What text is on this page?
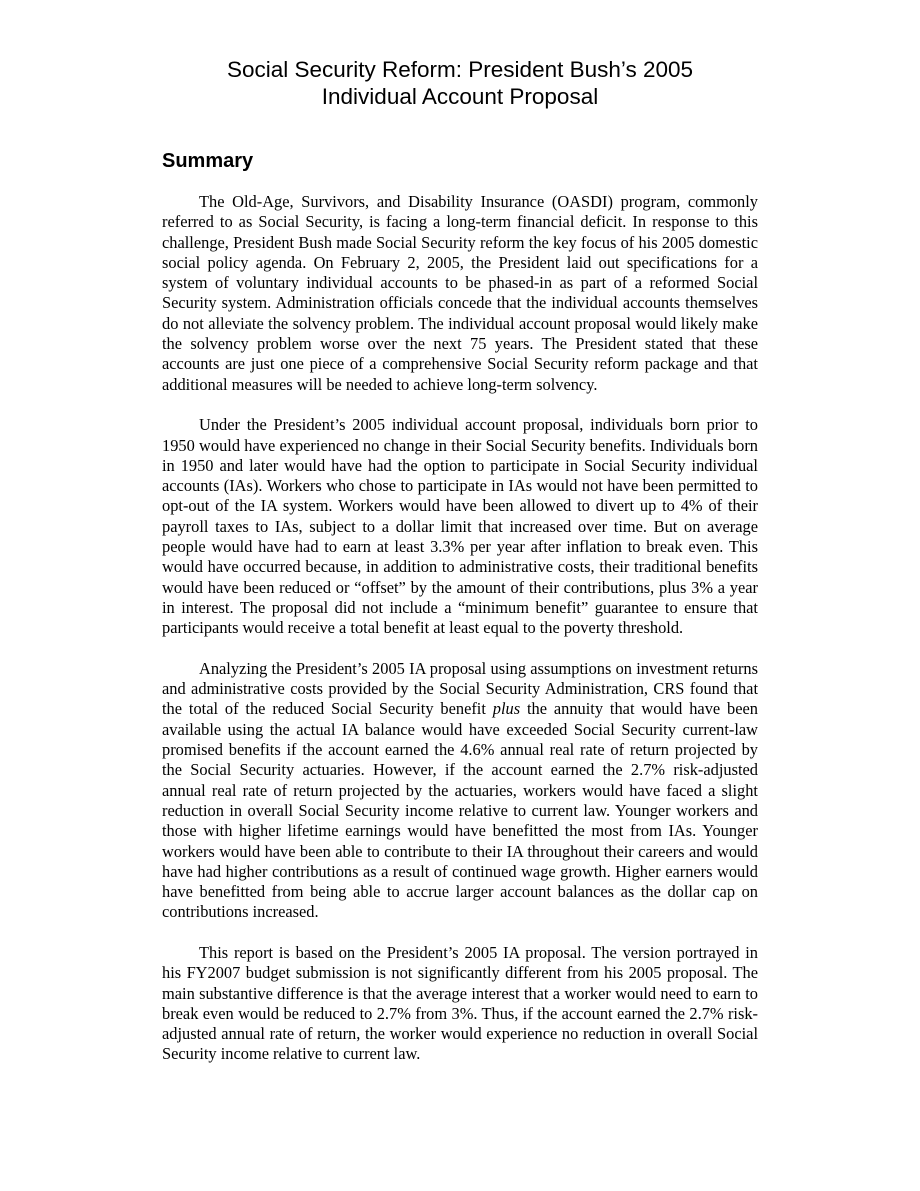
Social Security Reform: President Bush’s 2005
Individual Account Proposal
Summary

The Old-Age, Survivors, and Disability Insurance (OASDI) program, commonly referred to as Social Security, is facing a long-term financial deficit. In response to this challenge, President Bush made Social Security reform the key focus of his 2005 domestic social policy agenda. On February 2, 2005, the President laid out specifications for a system of voluntary individual accounts to be phased-in as part of a reformed Social Security system. Administration officials concede that the individual accounts themselves do not alleviate the solvency problem. The individual account proposal would likely make the solvency problem worse over the next 75 years. The President stated that these accounts are just one piece of a comprehensive Social Security reform package and that additional measures will be needed to achieve long-term solvency.

Under the President’s 2005 individual account proposal, individuals born prior to 1950 would have experienced no change in their Social Security benefits. Individuals born in 1950 and later would have had the option to participate in Social Security individual accounts (IAs). Workers who chose to participate in IAs would not have been permitted to opt-out of the IA system. Workers would have been allowed to divert up to 4% of their payroll taxes to IAs, subject to a dollar limit that increased over time. But on average people would have had to earn at least 3.3% per year after inflation to break even. This would have occurred because, in addition to administrative costs, their traditional benefits would have been reduced or “offset” by the amount of their contributions, plus 3% a year in interest. The proposal did not include a “minimum benefit” guarantee to ensure that participants would receive a total benefit at least equal to the poverty threshold.

Analyzing the President’s 2005 IA proposal using assumptions on investment returns and administrative costs provided by the Social Security Administration, CRS found that the total of the reduced Social Security benefit plus the annuity that would have been available using the actual IA balance would have exceeded Social Security current-law promised benefits if the account earned the 4.6% annual real rate of return projected by the Social Security actuaries. However, if the account earned the 2.7% risk-adjusted annual real rate of return projected by the actuaries, workers would have faced a slight reduction in overall Social Security income relative to current law. Younger workers and those with higher lifetime earnings would have benefitted the most from IAs. Younger workers would have been able to contribute to their IA throughout their careers and would have had higher contributions as a result of continued wage growth. Higher earners would have benefitted from being able to accrue larger account balances as the dollar cap on contributions increased.

This report is based on the President’s 2005 IA proposal. The version portrayed in his FY2007 budget submission is not significantly different from his 2005 proposal. The main substantive difference is that the average interest that a worker would need to earn to break even would be reduced to 2.7% from 3%. Thus, if the account earned the 2.7% risk-adjusted annual rate of return, the worker would experience no reduction in overall Social Security income relative to current law.
